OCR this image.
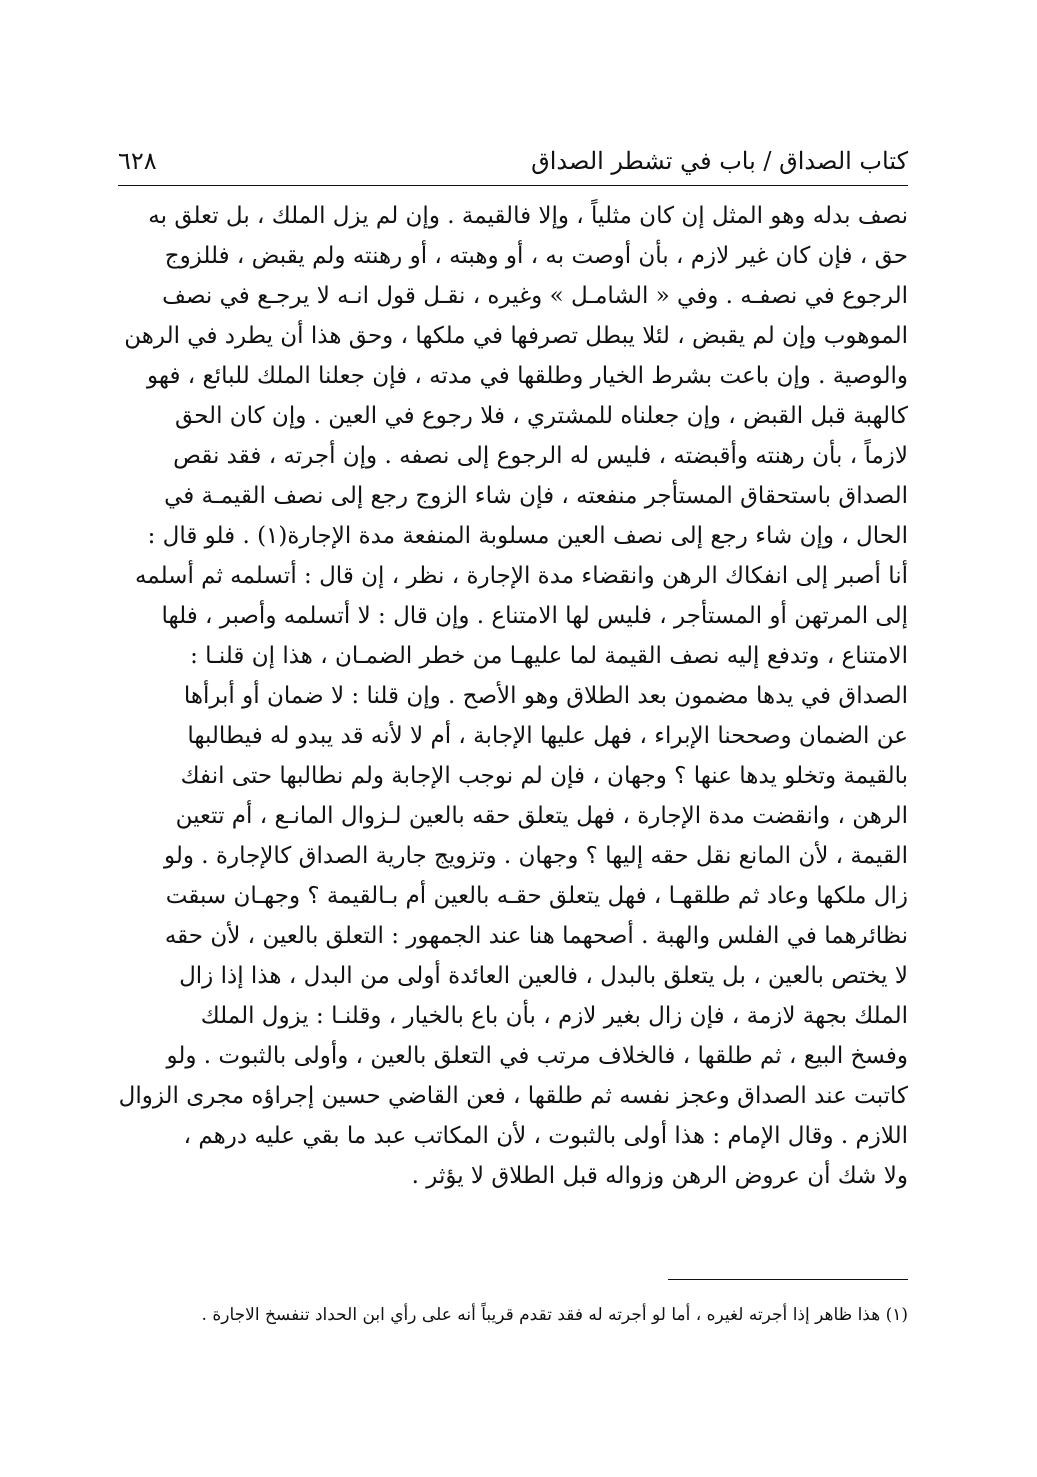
كتاب الصداق / باب في تشطر الصداق
٦٢٨
نصف بدله وهو المثل إن كان مثلياً ، وإلا فالقيمة . وإن لم يزل الملك ، بل تعلق به
حق ، فإن كان غير لازم ، بأن أوصت به ، أو وهبته ، أو رهنته ولم يقبض ، فللزوج
الرجوع في نصفـه . وفي « الشامـل » وغيره ، نقـل قول انـه لا يرجـع في نصف
الموهوب وإن لم يقبض ، لئلا يبطل تصرفها في ملكها ، وحق هذا أن يطرد في الرهن
والوصية . وإن باعت بشرط الخيار وطلقها في مدته ، فإن جعلنا الملك للبائع ، فهو
كالهبة قبل القبض ، وإن جعلناه للمشتري ، فلا رجوع في العين . وإن كان الحق
لازماً ، بأن رهنته وأقبضته ، فليس له الرجوع إلى نصفه . وإن أجرته ، فقد نقص
الصداق باستحقاق المستأجر منفعته ، فإن شاء الزوج رجع إلى نصف القيمـة في
الحال ، وإن شاء رجع إلى نصف العين مسلوبة المنفعة مدة الإجارة(١) . فلو قال :
أنا أصبر إلى انفكاك الرهن وانقضاء مدة الإجارة ، نظر ، إن قال : أتسلمه ثم أسلمه
إلى المرتهن أو المستأجر ، فليس لها الامتناع . وإن قال : لا أتسلمه وأصبر ، فلها
الامتناع ، وتدفع إليه نصف القيمة لما عليهـا من خطر الضمـان ، هذا إن قلنـا :
الصداق في يدها مضمون بعد الطلاق وهو الأصح . وإن قلنا : لا ضمان أو أبرأها
عن الضمان وصححنا الإبراء ، فهل عليها الإجابة ، أم لا لأنه قد يبدو له فيطالبها
بالقيمة وتخلو يدها عنها ؟ وجهان ، فإن لم نوجب الإجابة ولم نطالبها حتى انفك
الرهن ، وانقضت مدة الإجارة ، فهل يتعلق حقه بالعين لـزوال المانـع ، أم تتعين
القيمة ، لأن المانع نقل حقه إليها ؟ وجهان . وتزويج جارية الصداق كالإجارة . ولو
زال ملكها وعاد ثم طلقهـا ، فهل يتعلق حقـه بالعين أم بـالقيمة ؟ وجهـان سبقت
نظائرهما في الفلس والهبة . أصحهما هنا عند الجمهور : التعلق بالعين ، لأن حقه
لا يختص بالعين ، بل يتعلق بالبدل ، فالعين العائدة أولى من البدل ، هذا إذا زال
الملك بجهة لازمة ، فإن زال بغير لازم ، بأن باع بالخيار ، وقلنـا : يزول الملك
وفسخ البيع ، ثم طلقها ، فالخلاف مرتب في التعلق بالعين ، وأولى بالثبوت . ولو
كاتبت عند الصداق وعجز نفسه ثم طلقها ، فعن القاضي حسين إجراؤه مجرى الزوال
اللازم . وقال الإمام : هذا أولى بالثبوت ، لأن المكاتب عبد ما بقي عليه درهم ،
ولا شك أن عروض الرهن وزواله قبل الطلاق لا يؤثر .
(١) هذا ظاهر إذا أجرته لغيره ، أما لو أجرته له فقد تقدم قريباً أنه على رأي ابن الحداد تنفسخ الاجارة .
